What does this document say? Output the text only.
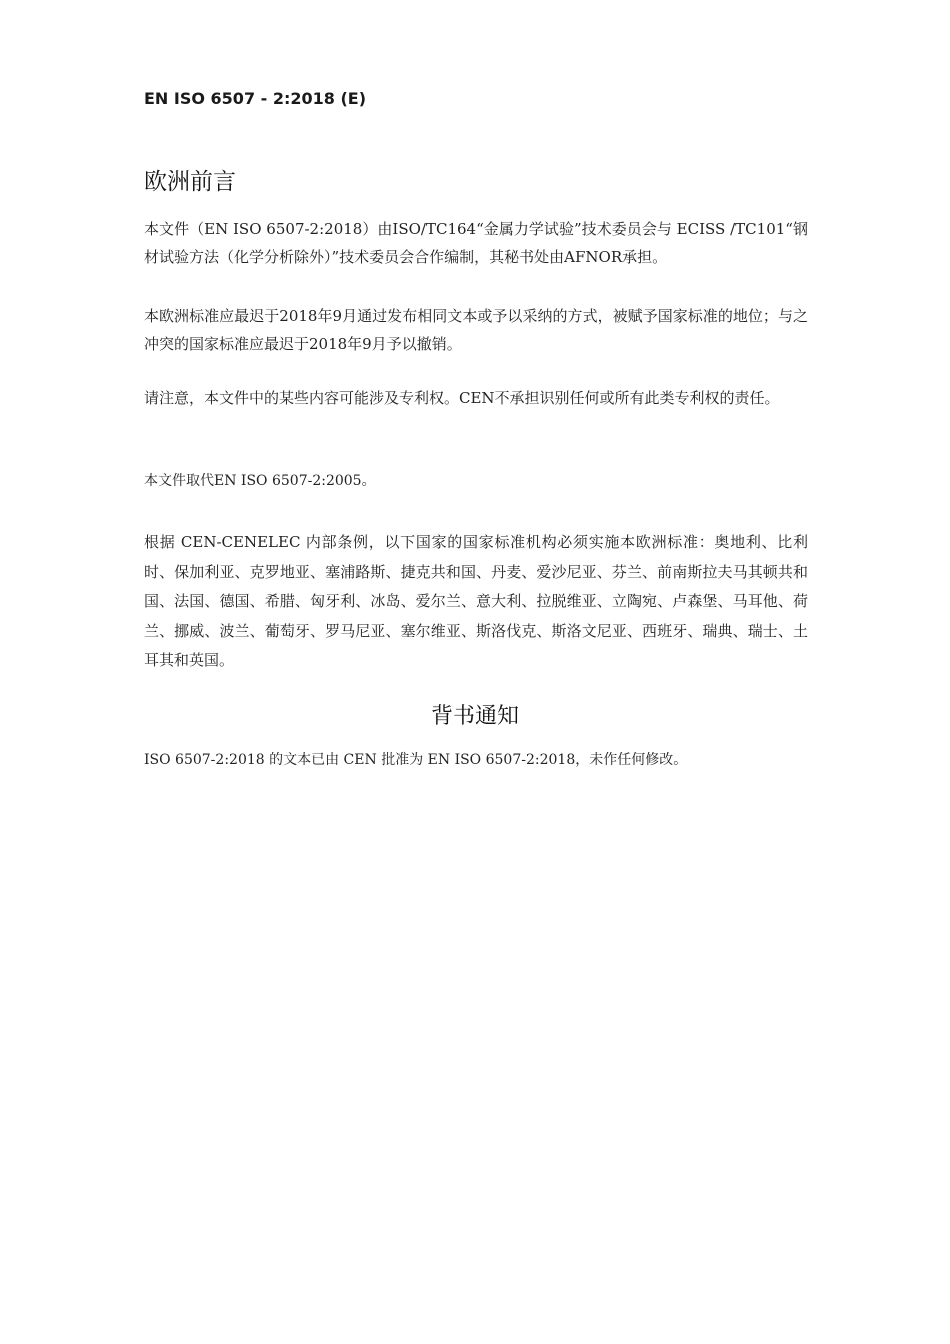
EN ISO 6507 - 2:2018 (E)
欧洲前言
本文件（EN ISO 6507-2:2018）由ISO/TC164“金属力学试验”技术委员会与 ECISS /TC101“钢材试验方法（化学分析除外）”技术委员会合作编制，其秘书处由AFNOR承担。
本欧洲标准应最迟于2018年9月通过发布相同文本或予以采纳的方式，被赋予国家标准的地位；与之冲突的国家标准应最迟于2018年9月予以撤销。
请注意，本文件中的某些内容可能涉及专利权。CEN不承担识别任何或所有此类专利权的责任。
本文件取代EN ISO 6507-2:2005。
根据 CEN-CENELEC 内部条例，以下国家的国家标准机构必须实施本欧洲标准：奥地利、比利时、保加利亚、克罗地亚、塞浦路斯、捷克共和国、丹麦、爱沙尼亚、芬兰、前南斯拉夫马其顿共和国、法国、德国、希腊、匈牙利、冰岛、爱尔兰、意大利、拉脱维亚、立陶宛、卢森堡、马耳他、荷兰、挪威、波兰、葡萄牙、罗马尼亚、塞尔维亚、斯洛伐克、斯洛文尼亚、西班牙、瑞典、瑞士、土耳其和英国。
背书通知
ISO 6507-2:2018 的文本已由 CEN 批准为 EN ISO 6507-2:2018，未作任何修改。
